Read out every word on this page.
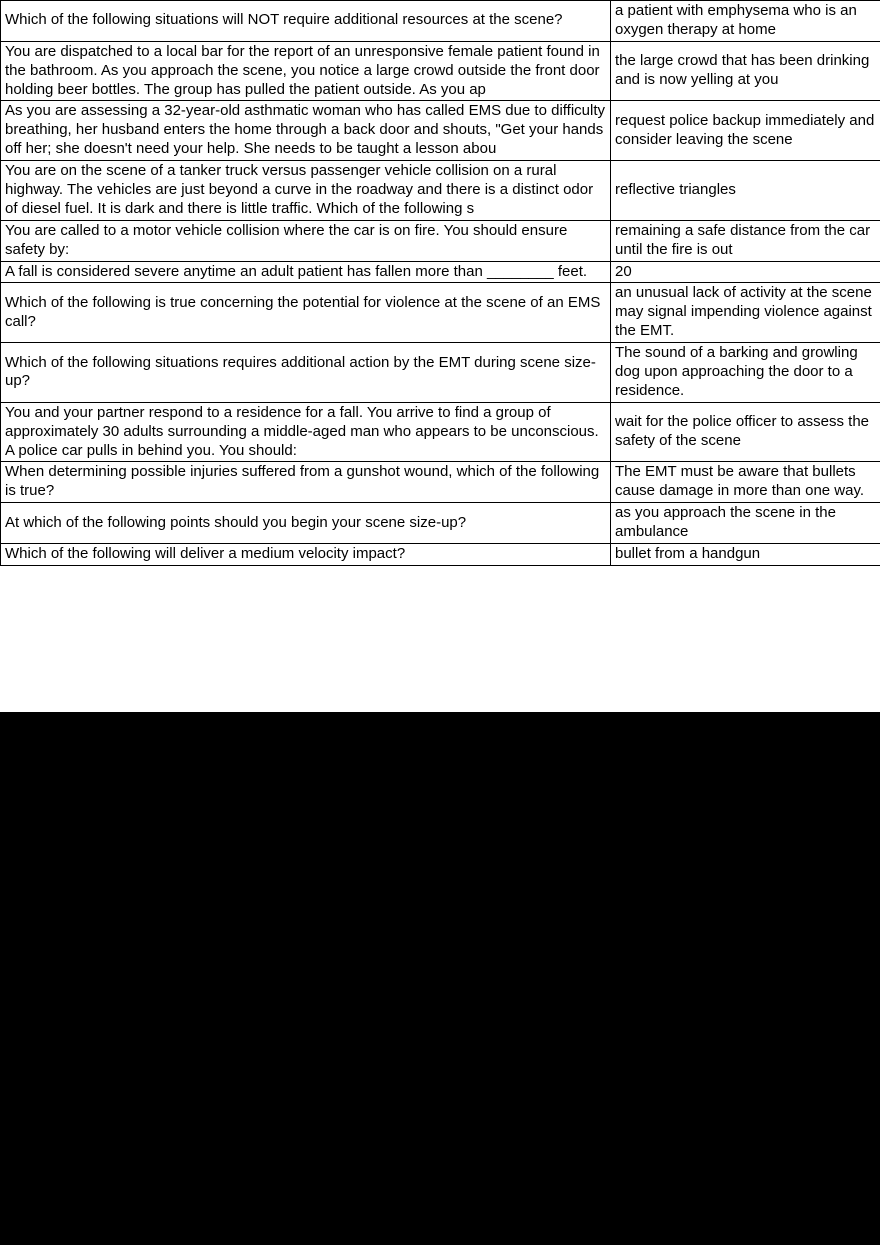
Which of the following situations will NOT require additional resources at the scene?	a patient with emphysema who is an oxygen therapy at home
You are dispatched to a local bar for the report of an unresponsive female patient found in the bathroom. As you approach the scene, you notice a large crowd outside the front door holding beer bottles. The group has pulled the patient outside. As you ap	the large crowd that has been drinking and is now yelling at you
As you are assessing a 32-year-old asthmatic woman who has called EMS due to difficulty breathing, her husband enters the home through a back door and shouts, "Get your hands off her; she doesn't need your help. She needs to be taught a lesson abou	request police backup immediately and consider leaving the scene
You are on the scene of a tanker truck versus passenger vehicle collision on a rural highway. The vehicles are just beyond a curve in the roadway and there is a distinct odor of diesel fuel. It is dark and there is little traffic. Which of the following s	reflective triangles
You are called to a motor vehicle collision where the car is on fire. You should ensure safety by:	remaining a safe distance from the car until the fire is out
A fall is considered severe anytime an adult patient has fallen more than ________ feet.	20
Which of the following is true concerning the potential for violence at the scene of an EMS call?	an unusual lack of activity at the scene may signal impending violence against the EMT.
Which of the following situations requires additional action by the EMT during scene size-up?	The sound of a barking and growling dog upon approaching the door to a residence.
You and your partner respond to a residence for a fall. You arrive to find a group of approximately 30 adults surrounding a middle-aged man who appears to be unconscious. A police car pulls in behind you. You should:	wait for the police officer to assess the safety of the scene
When determining possible injuries suffered from a gunshot wound, which of the following is true?	The EMT must be aware that bullets cause damage in more than one way.
At which of the following points should you begin your scene size-up?	as you approach the scene in the ambulance
Which of the following will deliver a medium velocity impact?	bullet from a handgun
